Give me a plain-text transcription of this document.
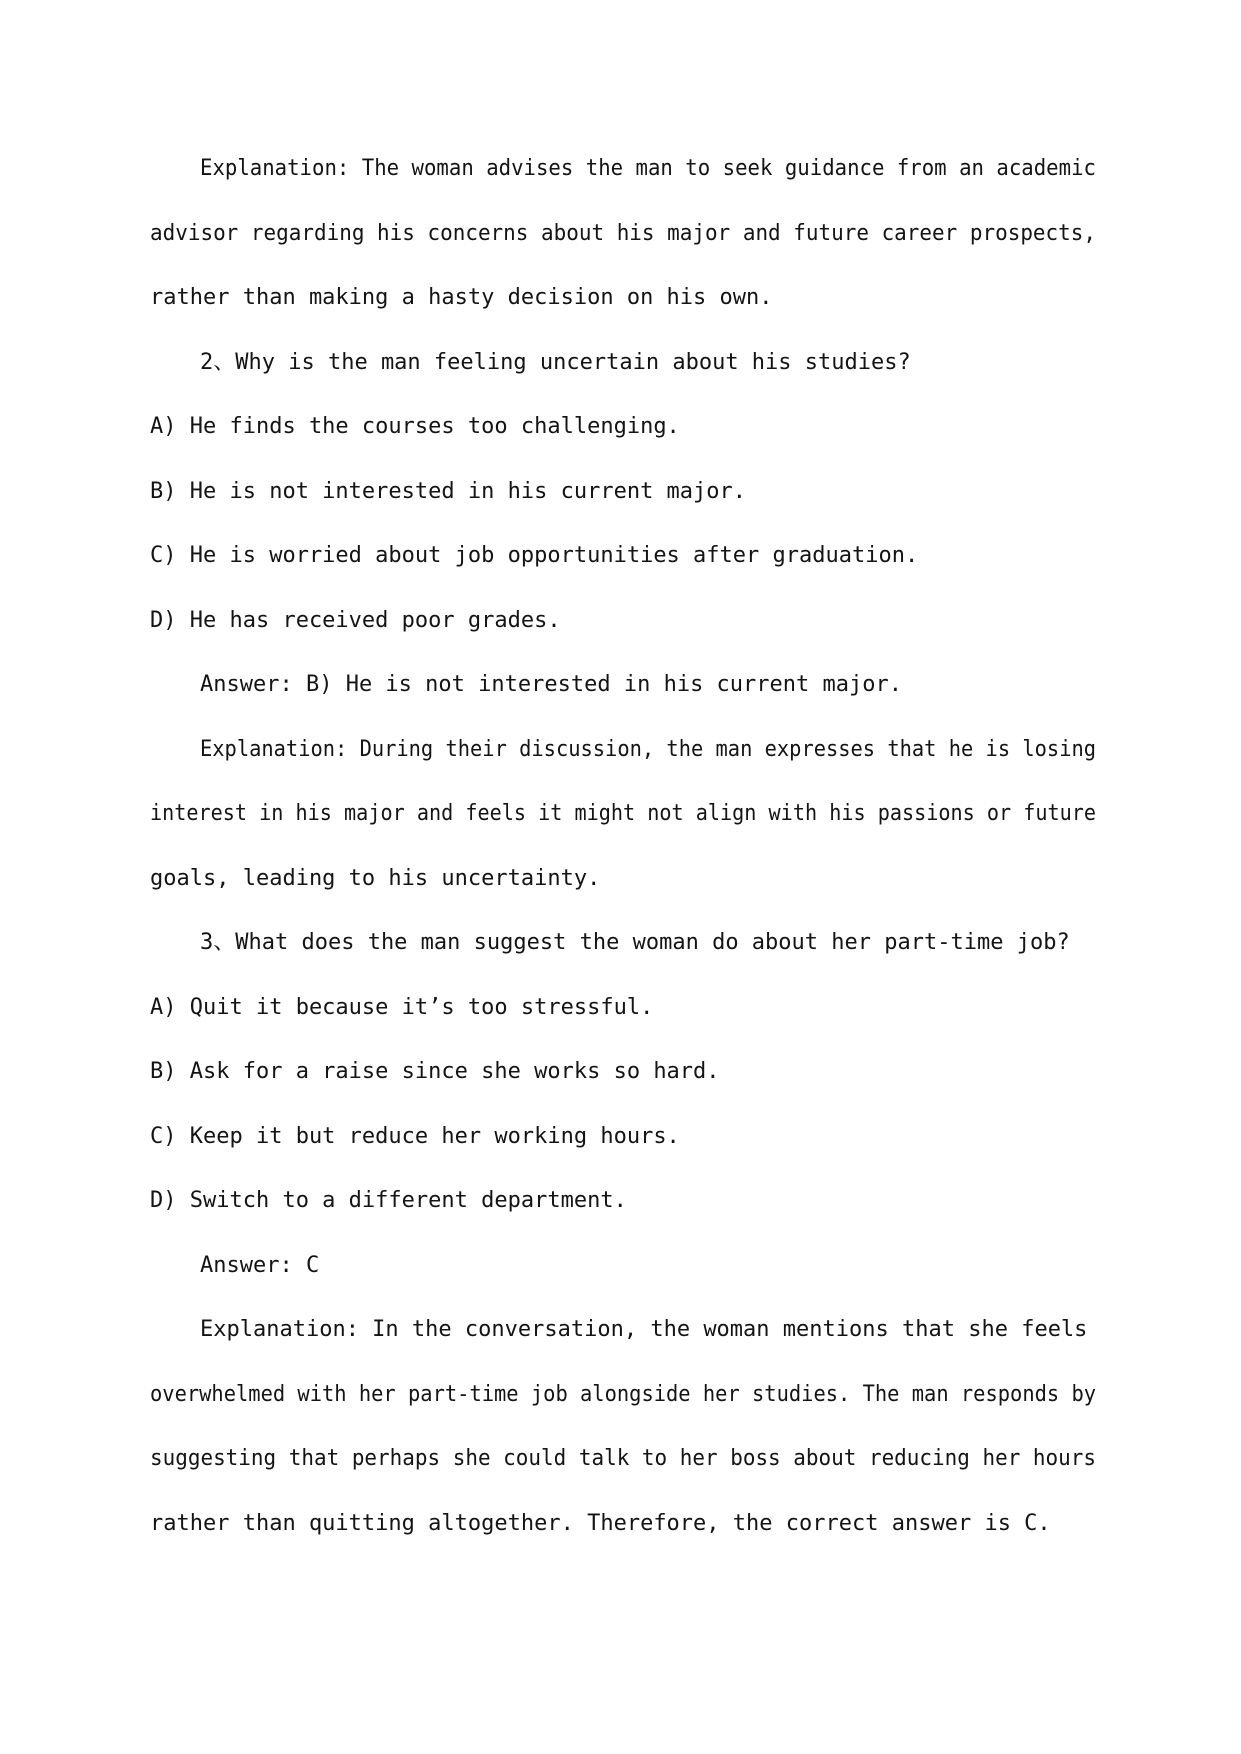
Explanation: The woman advises the man to seek guidance from an academic

advisor regarding his concerns about his major and future career prospects,

rather than making a hasty decision on his own.

2、Why is the man feeling uncertain about his studies?

A) He finds the courses too challenging.

B) He is not interested in his current major.

C) He is worried about job opportunities after graduation.

D) He has received poor grades.

Answer: B) He is not interested in his current major.

Explanation: During their discussion, the man expresses that he is losing

interest in his major and feels it might not align with his passions or future

goals, leading to his uncertainty.

3、What does the man suggest the woman do about her part-time job?

A) Quit it because it’s too stressful.

B) Ask for a raise since she works so hard.

C) Keep it but reduce her working hours.

D) Switch to a different department.

Answer: C

Explanation: In the conversation, the woman mentions that she feels

overwhelmed with her part-time job alongside her studies. The man responds by

suggesting that perhaps she could talk to her boss about reducing her hours

rather than quitting altogether. Therefore, the correct answer is C.
